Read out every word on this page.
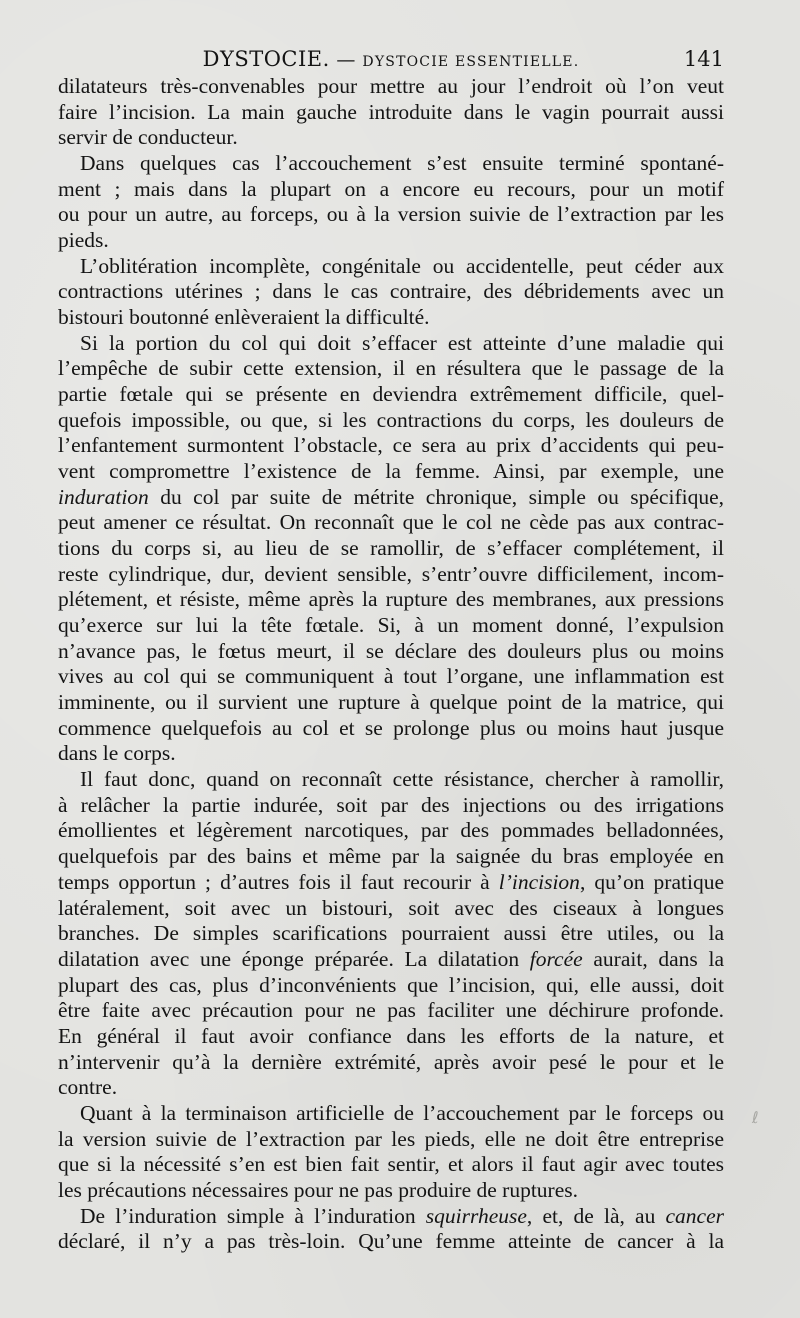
DYSTOCIE. — DYSTOCIE ESSENTIELLE.	141
dilatateurs très-convenables pour mettre au jour l’endroit où l’on veut
faire l’incision. La main gauche introduite dans le vagin pourrait aussi
servir de conducteur.
Dans quelques cas l’accouchement s’est ensuite terminé spontané-
ment ; mais dans la plupart on a encore eu recours, pour un motif
ou pour un autre, au forceps, ou à la version suivie de l’extraction par les
pieds.
L’oblitération incomplète, congénitale ou accidentelle, peut céder aux
contractions utérines ; dans le cas contraire, des débridements avec un
bistouri boutonné enlèveraient la difficulté.
Si la portion du col qui doit s’effacer est atteinte d’une maladie qui
l’empêche de subir cette extension, il en résultera que le passage de la
partie fœtale qui se présente en deviendra extrêmement difficile, quel-
quefois impossible, ou que, si les contractions du corps, les douleurs de
l’enfantement surmontent l’obstacle, ce sera au prix d’accidents qui peu-
vent compromettre l’existence de la femme. Ainsi, par exemple, une
induration du col par suite de métrite chronique, simple ou spécifique,
peut amener ce résultat. On reconnaît que le col ne cède pas aux contrac-
tions du corps si, au lieu de se ramollir, de s’effacer complétement, il
reste cylindrique, dur, devient sensible, s’entr’ouvre difficilement, incom-
plétement, et résiste, même après la rupture des membranes, aux pressions
qu’exerce sur lui la tête fœtale. Si, à un moment donné, l’expulsion
n’avance pas, le fœtus meurt, il se déclare des douleurs plus ou moins
vives au col qui se communiquent à tout l’organe, une inflammation est
imminente, ou il survient une rupture à quelque point de la matrice, qui
commence quelquefois au col et se prolonge plus ou moins haut jusque
dans le corps.
Il faut donc, quand on reconnaît cette résistance, chercher à ramollir,
à relâcher la partie indurée, soit par des injections ou des irrigations
émollientes et légèrement narcotiques, par des pommades belladonnées,
quelquefois par des bains et même par la saignée du bras employée en
temps opportun ; d’autres fois il faut recourir à l’incision, qu’on pratique
latéralement, soit avec un bistouri, soit avec des ciseaux à longues
branches. De simples scarifications pourraient aussi être utiles, ou la
dilatation avec une éponge préparée. La dilatation forcée aurait, dans la
plupart des cas, plus d’inconvénients que l’incision, qui, elle aussi, doit
être faite avec précaution pour ne pas faciliter une déchirure profonde.
En général il faut avoir confiance dans les efforts de la nature, et
n’intervenir qu’à la dernière extrémité, après avoir pesé le pour et le
contre.
Quant à la terminaison artificielle de l’accouchement par le forceps ou
la version suivie de l’extraction par les pieds, elle ne doit être entreprise
que si la nécessité s’en est bien fait sentir, et alors il faut agir avec toutes
les précautions nécessaires pour ne pas produire de ruptures.
De l’induration simple à l’induration squirrheuse, et, de là, au cancer
déclaré, il n’y a pas très-loin. Qu’une femme atteinte de cancer à la
ℓ
